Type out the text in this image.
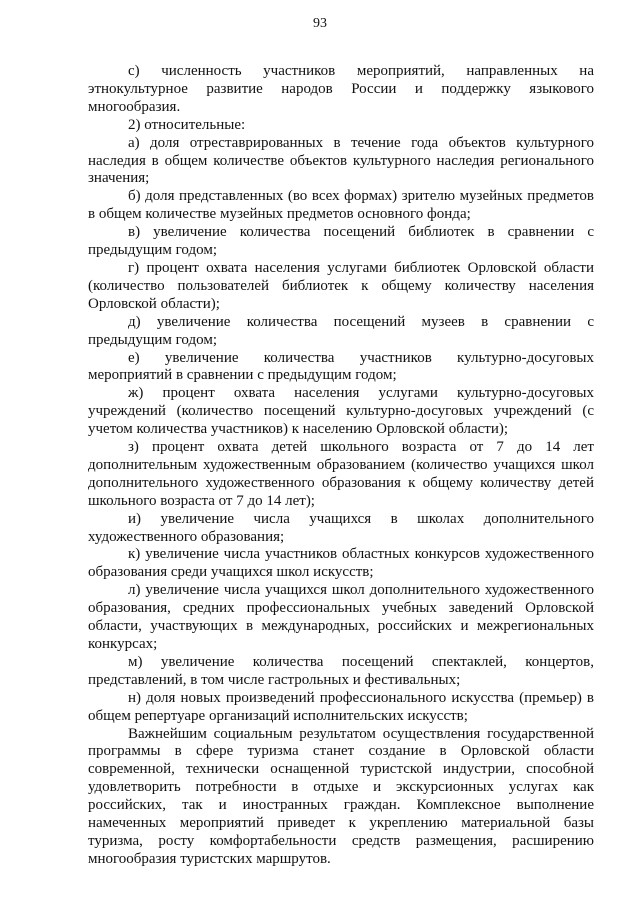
93

с) численность участников мероприятий, направленных на этнокультурное развитие народов России и поддержку языкового многообразия.

2) относительные:

а) доля отреставрированных в течение года объектов культурного наследия в общем количестве объектов культурного наследия регионального значения;

б) доля представленных (во всех формах) зрителю музейных предметов в общем количестве музейных предметов основного фонда;

в) увеличение количества посещений библиотек в сравнении с предыдущим годом;

г) процент охвата населения услугами библиотек Орловской области (количество пользователей библиотек к общему количеству населения Орловской области);

д) увеличение количества посещений музеев в сравнении с предыдущим годом;

е) увеличение количества участников культурно-досуговых мероприятий в сравнении с предыдущим годом;

ж) процент охвата населения услугами культурно-досуговых учреждений (количество посещений культурно-досуговых учреждений (с учетом количества участников) к населению Орловской области);

з) процент охвата детей школьного возраста от 7 до 14 лет дополнительным художественным образованием (количество учащихся школ дополнительного художественного образования к общему количеству детей школьного возраста от 7 до 14 лет);

и) увеличение числа учащихся в школах дополнительного художественного образования;

к) увеличение числа участников областных конкурсов художественного образования среди учащихся школ искусств;

л) увеличение числа учащихся школ дополнительного художественного образования, средних профессиональных учебных заведений Орловской области, участвующих в международных, российских и межрегиональных конкурсах;

м) увеличение количества посещений спектаклей, концертов, представлений, в том числе гастрольных и фестивальных;

н) доля новых произведений профессионального искусства (премьер) в общем репертуаре организаций исполнительских искусств;

Важнейшим социальным результатом осуществления государственной программы в сфере туризма станет создание в Орловской области современной, технически оснащенной туристской индустрии, способной удовлетворить потребности в отдыхе и экскурсионных услугах как российских, так и иностранных граждан. Комплексное выполнение намеченных мероприятий приведет к укреплению материальной базы туризма, росту комфортабельности средств размещения, расширению многообразия туристских маршрутов.
